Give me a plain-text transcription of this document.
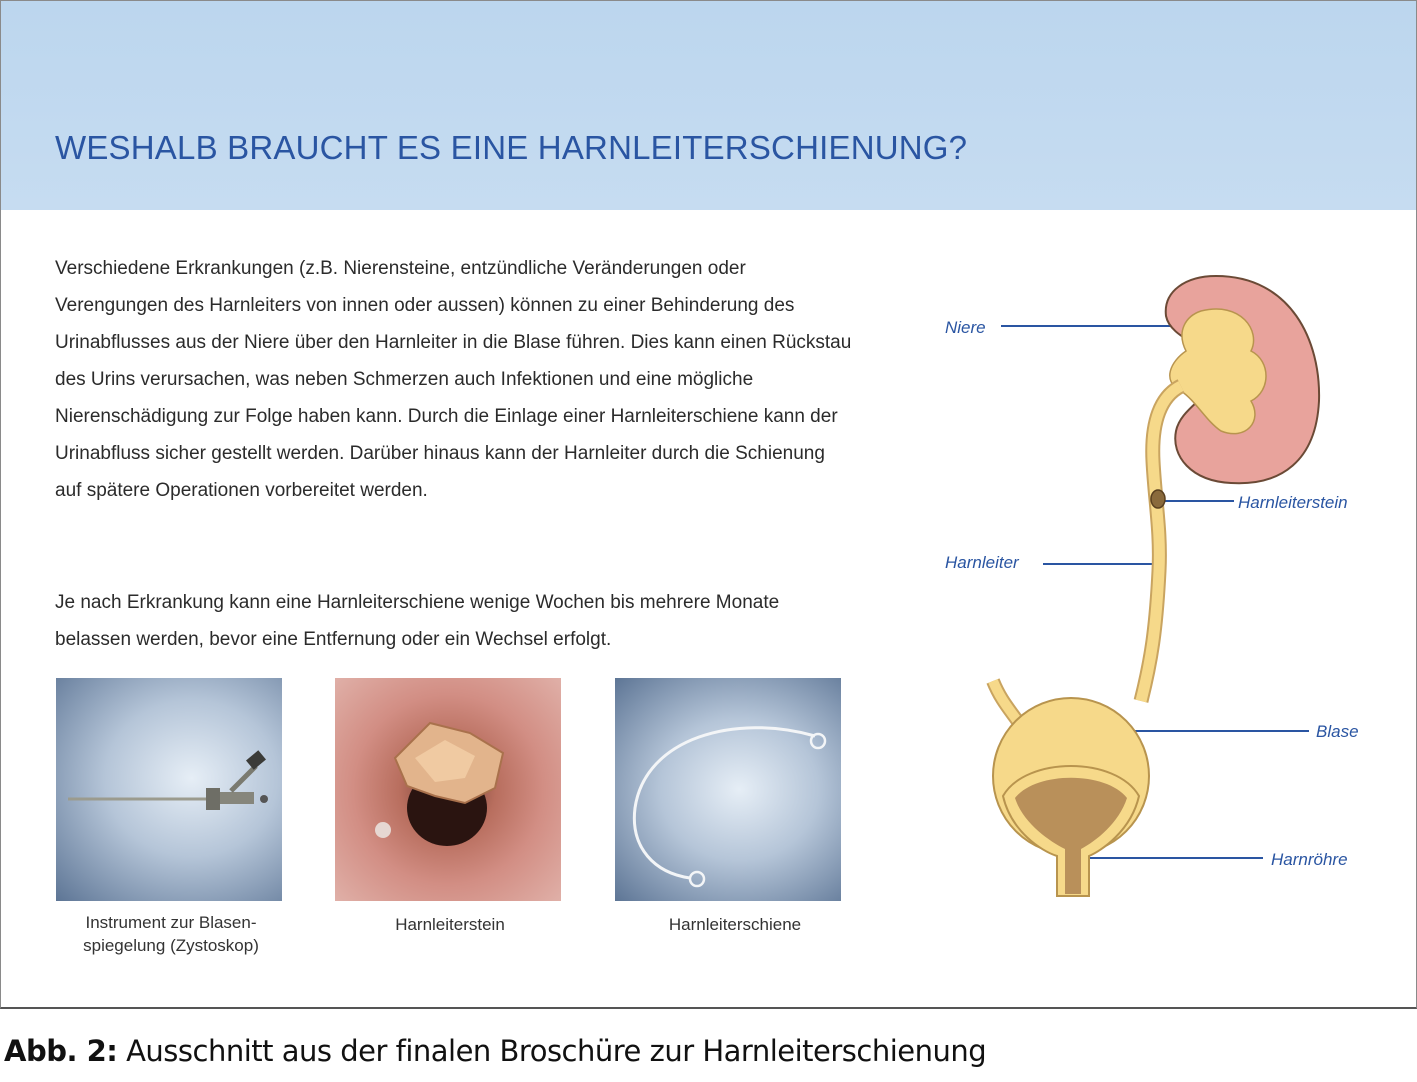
WESHALB BRAUCHT ES EINE HARNLEITERSCHIENUNG?

Verschiedene Erkrankungen (z.B. Nierensteine, entzündliche Veränderungen oder Verengungen des Harnleiters von innen oder aussen) können zu einer Behinderung des Urinabflusses aus der Niere über den Harnleiter in die Blase führen. Dies kann einen Rückstau des Urins verursachen, was neben Schmerzen auch Infektionen und eine mögliche Nierenschädigung zur Folge haben kann. Durch die Einlage einer Harnleiterschiene kann der Urinabfluss sicher gestellt werden. Darüber hinaus kann der Harnleiter durch die Schienung auf spätere Operationen vorbereitet werden.

Je nach Erkrankung kann eine Harnleiterschiene wenige Wochen bis mehrere Monate belassen werden, bevor eine Entfernung oder ein Wechsel erfolgt.

Instrument zur Blasen-
spiegelung (Zystoskop)

Harnleiterstein	Harnleiterschiene

Niere

Harnleiterstein

Harnleiter

Blase

Harnröhre

Abb. 2: Ausschnitt aus der finalen Broschüre zur Harnleiterschienung
